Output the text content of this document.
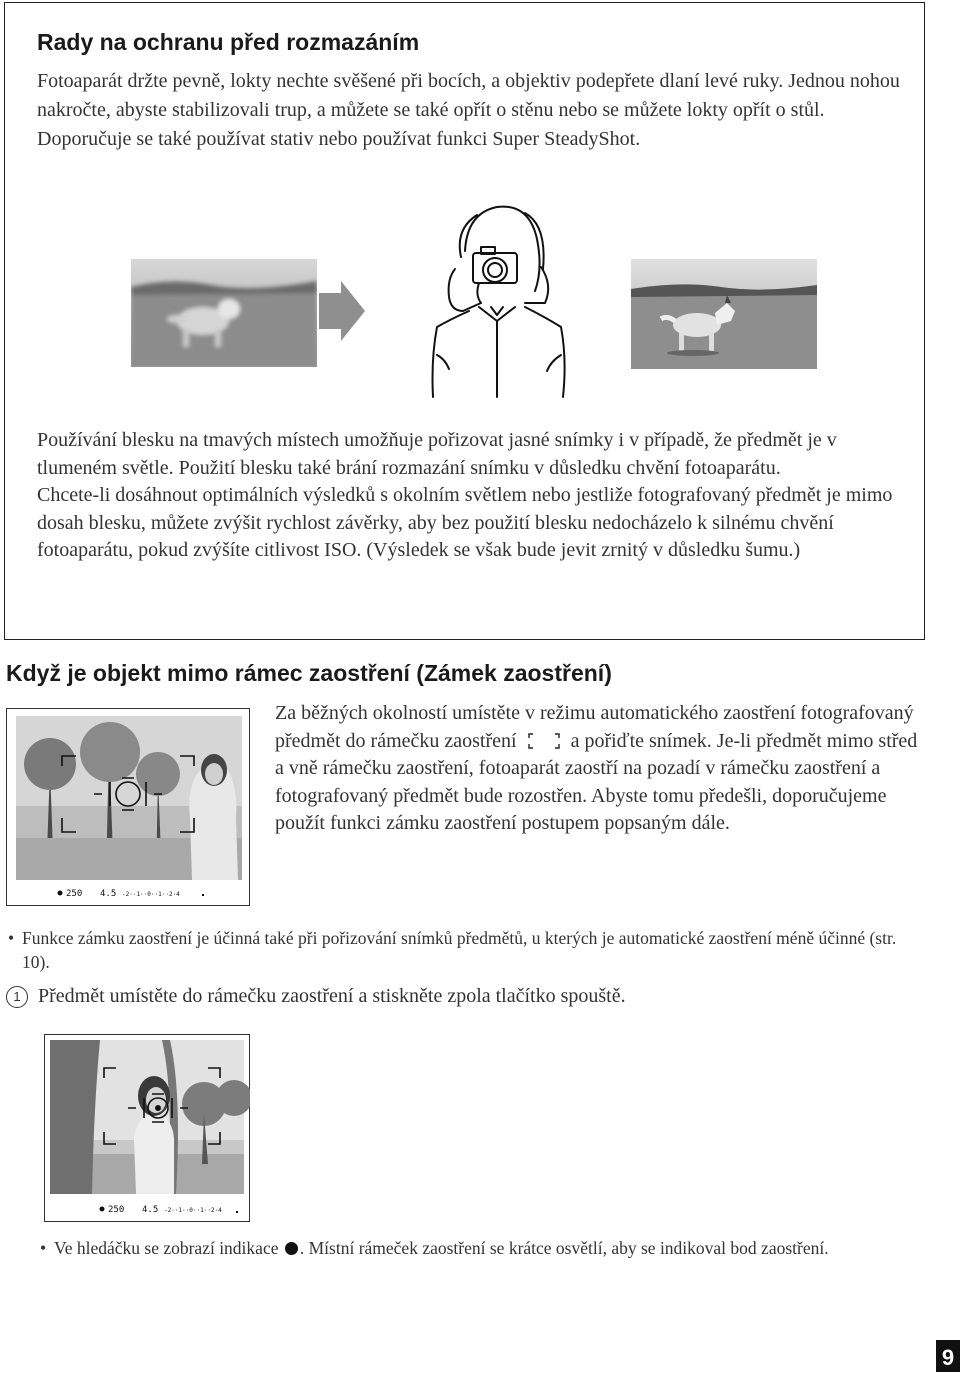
Rady na ochranu před rozmazáním

Fotoaparát držte pevně, lokty nechte svěšené při bocích, a objektiv podepřete dlaní levé ruky. Jednou nohou nakročte, abyste stabilizovali trup, a můžete se také opřít o stěnu nebo se můžete lokty opřít o stůl. Doporučuje se také používat stativ nebo používat funkci Super SteadyShot.

Používání blesku na tmavých místech umožňuje pořizovat jasné snímky i v případě, že předmět je v tlumeném světle. Použití blesku také brání rozmazání snímku v důsledku chvění fotoaparátu.
Chcete-li dosáhnout optimálních výsledků s okolním světlem nebo jestliže fotografovaný předmět je mimo dosah blesku, můžete zvýšit rychlost závěrky, aby bez použití blesku nedocházelo k silnému chvění fotoaparátu, pokud zvýšíte citlivost ISO. (Výsledek se však bude jevit zrnitý v důsledku šumu.)

Když je objekt mimo rámec zaostření (Zámek zaostření)
250 4.5 -2··1··0··1··2·4

Za běžných okolností umístěte v režimu automatického zaostření fotografovaný předmět do rámečku zaostření	a pořiďte snímek. Je-li předmět mimo střed a vně rámečku zaostření, fotoaparát zaostří na pozadí v rámečku zaostření a fotografovaný předmět bude rozostřen. Abyste tomu předešli, doporučujeme použít funkci zámku zaostření postupem popsaným dále.

• Funkce zámku zaostření je účinná také při pořizování snímků předmětů, u kterých je automatické zaostření méně účinné (str. 10).
1 Předmět umístěte do rámečku zaostření a stiskněte zpola tlačítko spouště.
250 4.5 -2··1··0··1··2·4
• Ve hledáčku se zobrazí indikace . Místní rámeček zaostření se krátce osvětlí, aby se indikoval bod zaostření.
9
